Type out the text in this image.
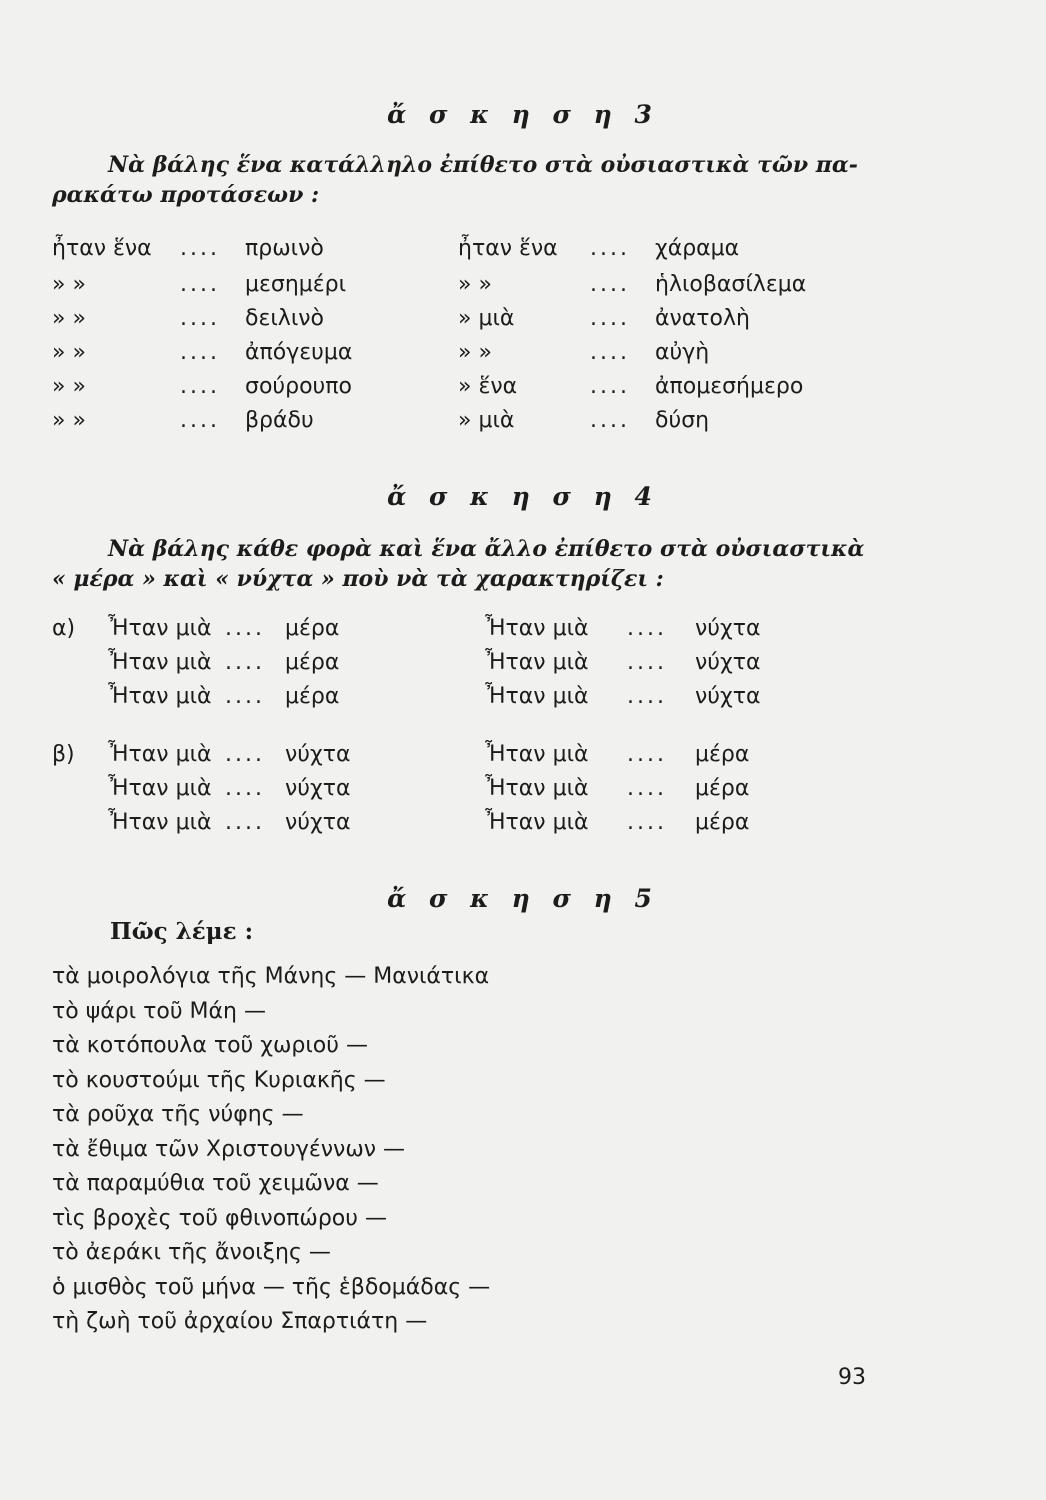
ἄ σ κ η σ η 3
Νὰ βάλης ἕνα κατάλληλο ἐπίθετο στὰ οὐσιαστικὰ τῶν πα-
ρακάτω προτάσεων :
ἦταν ἕνα .... πρωινὸ	ἦταν ἕνα .... χάραμα
» »	.... μεσημέρι	» »	.... ἡλιοβασίλεμα
» »	.... δειλινὸ	» μιὰ	.... ἀνατολὴ
» »	.... ἀπόγευμα	» »	.... αὐγὴ
» »	.... σούρουπο	» ἕνα	.... ἀπομεσήμερο
» »	.... βράδυ	» μιὰ	.... δύση
ἄ σ κ η σ η 4
Νὰ βάλης κάθε φορὰ καὶ ἕνα ἄλλο ἐπίθετο στὰ οὐσιαστικὰ
« μέρα » καὶ « νύχτα » ποὺ νὰ τὰ χαρακτηρίζει :
α) Ἦταν μιὰ .... μέρα	Ἦταν μιὰ .... νύχτα
Ἦταν μιὰ .... μέρα	Ἦταν μιὰ .... νύχτα
Ἦταν μιὰ .... μέρα	Ἦταν μιὰ .... νύχτα
β) Ἦταν μιὰ .... νύχτα	Ἦταν μιὰ .... μέρα
Ἦταν μιὰ .... νύχτα	Ἦταν μιὰ .... μέρα
Ἦταν μιὰ .... νύχτα	Ἦταν μιὰ .... μέρα
ἄ σ κ η σ η 5
Πῶς λέμε :
τὰ μοιρολόγια τῆς Μάνης — Μανιάτικα
τὸ ψάρι τοῦ Μάη —
τὰ κοτόπουλα τοῦ χωριοῦ —
τὸ κουστούμι τῆς Κυριακῆς —
τὰ ροῦχα τῆς νύφης —
τὰ ἔθιμα τῶν Χριστουγέννων —
τὰ παραμύθια τοῦ χειμῶνα —
τὶς βροχὲς τοῦ φθινοπώρου —
τὸ ἀεράκι τῆς ἄνοιξης —
ὁ μισθὸς τοῦ μήνα — τῆς ἑβδομάδας —
τὴ ζωὴ τοῦ ἀρχαίου Σπαρτιάτη —
93
